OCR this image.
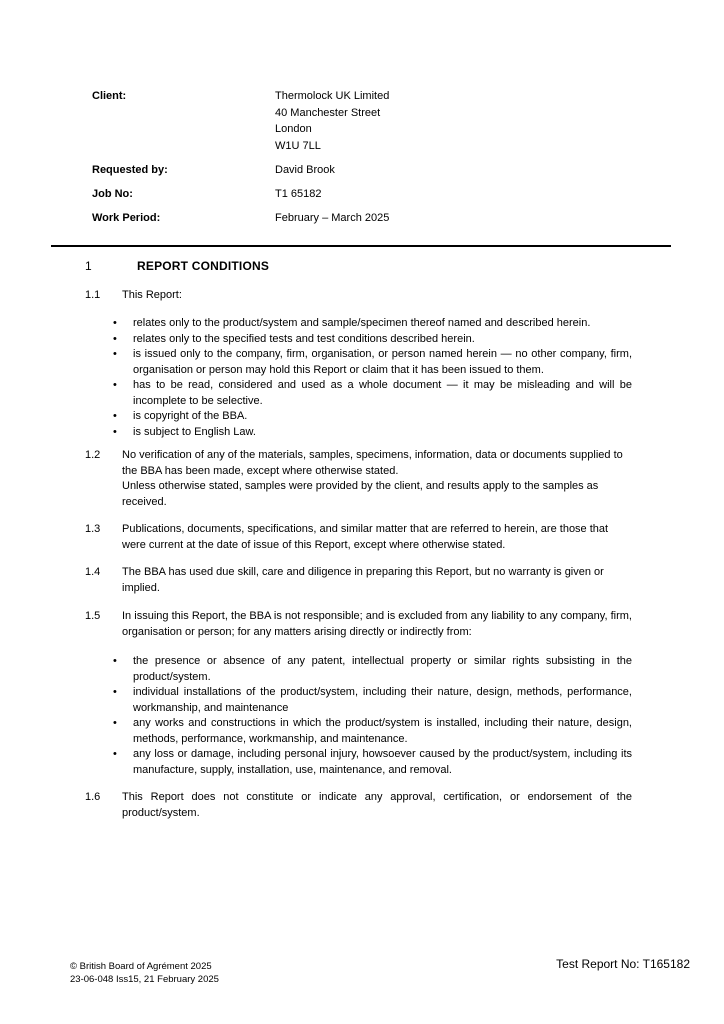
Client:	Thermolock UK Limited
40 Manchester Street
London
W1U 7LL
Requested by:	David Brook
Job No:	T1 65182
Work Period:	February – March 2025
1	REPORT CONDITIONS
1.1	This Report:
• relates only to the product/system and sample/specimen thereof named and described herein.
• relates only to the specified tests and test conditions described herein.
• is issued only to the company, firm, organisation, or person named herein — no other company, firm, organisation or person may hold this Report or claim that it has been issued to them.
• has to be read, considered and used as a whole document — it may be misleading and will be incomplete to be selective.
• is copyright of the BBA.
• is subject to English Law.
1.2	No verification of any of the materials, samples, specimens, information, data or documents supplied to the BBA has been made, except where otherwise stated.
Unless otherwise stated, samples were provided by the client, and results apply to the samples as received.
1.3	Publications, documents, specifications, and similar matter that are referred to herein, are those that were current at the date of issue of this Report, except where otherwise stated.
1.4	The BBA has used due skill, care and diligence in preparing this Report, but no warranty is given or implied.
1.5	In issuing this Report, the BBA is not responsible; and is excluded from any liability to any company, firm, organisation or person; for any matters arising directly or indirectly from:
• the presence or absence of any patent, intellectual property or similar rights subsisting in the product/system.
• individual installations of the product/system, including their nature, design, methods, performance, workmanship, and maintenance
• any works and constructions in which the product/system is installed, including their nature, design, methods, performance, workmanship, and maintenance.
• any loss or damage, including personal injury, howsoever caused by the product/system, including its manufacture, supply, installation, use, maintenance, and removal.
1.6	This Report does not constitute or indicate any approval, certification, or endorsement of the product/system.
© British Board of Agrément 2025
23-06-048 Iss15, 21 February 2025
Test Report No: T165182
